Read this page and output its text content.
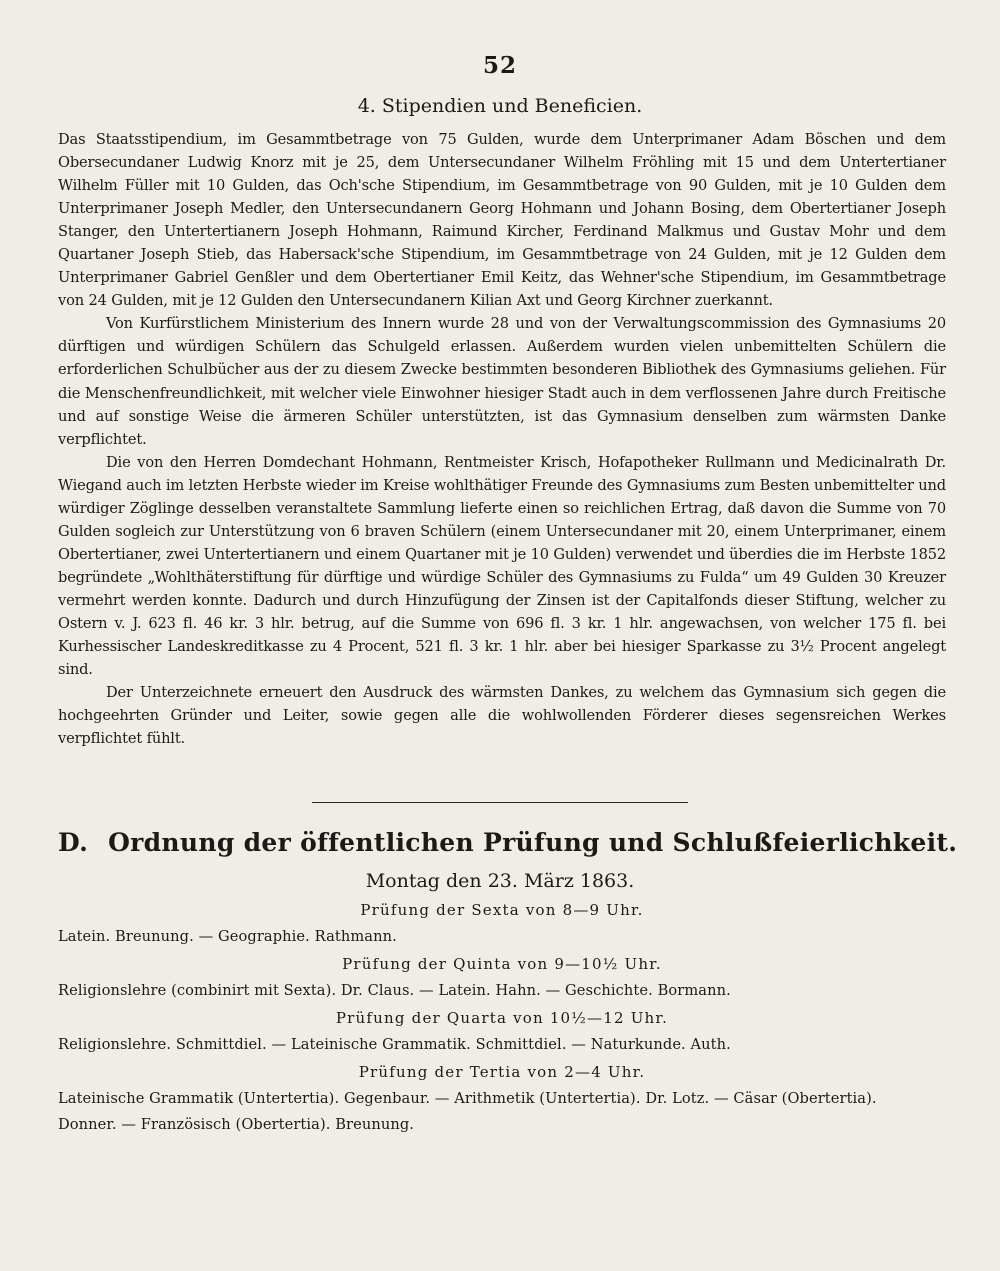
52
4. Stipendien und Beneficien.

Das Staatsstipendium, im Gesammtbetrage von 75 Gulden, wurde dem Unterprimaner Adam Böschen und dem Obersecundaner Ludwig Knorz mit je 25, dem Untersecundaner Wilhelm Fröhling mit 15 und dem Untertertianer Wilhelm Füller mit 10 Gulden, das Och'sche Stipendium, im Gesammtbetrage von 90 Gulden, mit je 10 Gulden dem Unterprimaner Joseph Medler, den Untersecundanern Georg Hohmann und Johann Bosing, dem Obertertianer Joseph Stanger, den Untertertianern Joseph Hohmann, Raimund Kircher, Ferdinand Malkmus und Gustav Mohr und dem Quartaner Joseph Stieb, das Habersack'sche Stipendium, im Gesammtbetrage von 24 Gulden, mit je 12 Gulden dem Unterprimaner Gabriel Genßler und dem Obertertianer Emil Keitz, das Wehner'sche Stipendium, im Gesammtbetrage von 24 Gulden, mit je 12 Gulden den Untersecundanern Kilian Axt und Georg Kirchner zuerkannt.

Von Kurfürstlichem Ministerium des Innern wurde 28 und von der Verwaltungscommission des Gymnasiums 20 dürftigen und würdigen Schülern das Schulgeld erlassen. Außerdem wurden vielen unbemittelten Schülern die erforderlichen Schulbücher aus der zu diesem Zwecke bestimmten besonderen Bibliothek des Gymnasiums geliehen. Für die Menschenfreundlichkeit, mit welcher viele Einwohner hiesiger Stadt auch in dem verflossenen Jahre durch Freitische und auf sonstige Weise die ärmeren Schüler unterstützten, ist das Gymnasium denselben zum wärmsten Danke verpflichtet.

Die von den Herren Domdechant Hohmann, Rentmeister Krisch, Hofapotheker Rullmann und Medicinalrath Dr. Wiegand auch im letzten Herbste wieder im Kreise wohlthätiger Freunde des Gymnasiums zum Besten unbemittelter und würdiger Zöglinge desselben veranstaltete Sammlung lieferte einen so reichlichen Ertrag, daß davon die Summe von 70 Gulden sogleich zur Unterstützung von 6 braven Schülern (einem Untersecundaner mit 20, einem Unterprimaner, einem Obertertianer, zwei Untertertianern und einem Quartaner mit je 10 Gulden) verwendet und überdies die im Herbste 1852 begründete „Wohlthäterstiftung für dürftige und würdige Schüler des Gymnasiums zu Fulda“ um 49 Gulden 30 Kreuzer vermehrt werden konnte. Dadurch und durch Hinzufügung der Zinsen ist der Capitalfonds dieser Stiftung, welcher zu Ostern v. J. 623 fl. 46 kr. 3 hlr. betrug, auf die Summe von 696 fl. 3 kr. 1 hlr. angewachsen, von welcher 175 fl. bei Kurhessischer Landeskreditkasse zu 4 Procent, 521 fl. 3 kr. 1 hlr. aber bei hiesiger Sparkasse zu 3½ Procent angelegt sind.

Der Unterzeichnete erneuert den Ausdruck des wärmsten Dankes, zu welchem das Gymnasium sich gegen die hochgeehrten Gründer und Leiter, sowie gegen alle die wohlwollenden Förderer dieses segensreichen Werkes verpflichtet fühlt.

D. Ordnung der öffentlichen Prüfung und Schlußfeierlichkeit.
Montag den 23. März 1863.
Prüfung der Sexta von 8—9 Uhr.
Latein. Breunung. — Geographie. Rathmann.
Prüfung der Quinta von 9—10½ Uhr.
Religionslehre (combinirt mit Sexta). Dr. Claus. — Latein. Hahn. — Geschichte. Bormann.
Prüfung der Quarta von 10½—12 Uhr.
Religionslehre. Schmittdiel. — Lateinische Grammatik. Schmittdiel. — Naturkunde. Auth.
Prüfung der Tertia von 2—4 Uhr.
Lateinische Grammatik (Untertertia). Gegenbaur. — Arithmetik (Untertertia). Dr. Lotz. — Cäsar (Obertertia).
Donner. — Französisch (Obertertia). Breunung.
